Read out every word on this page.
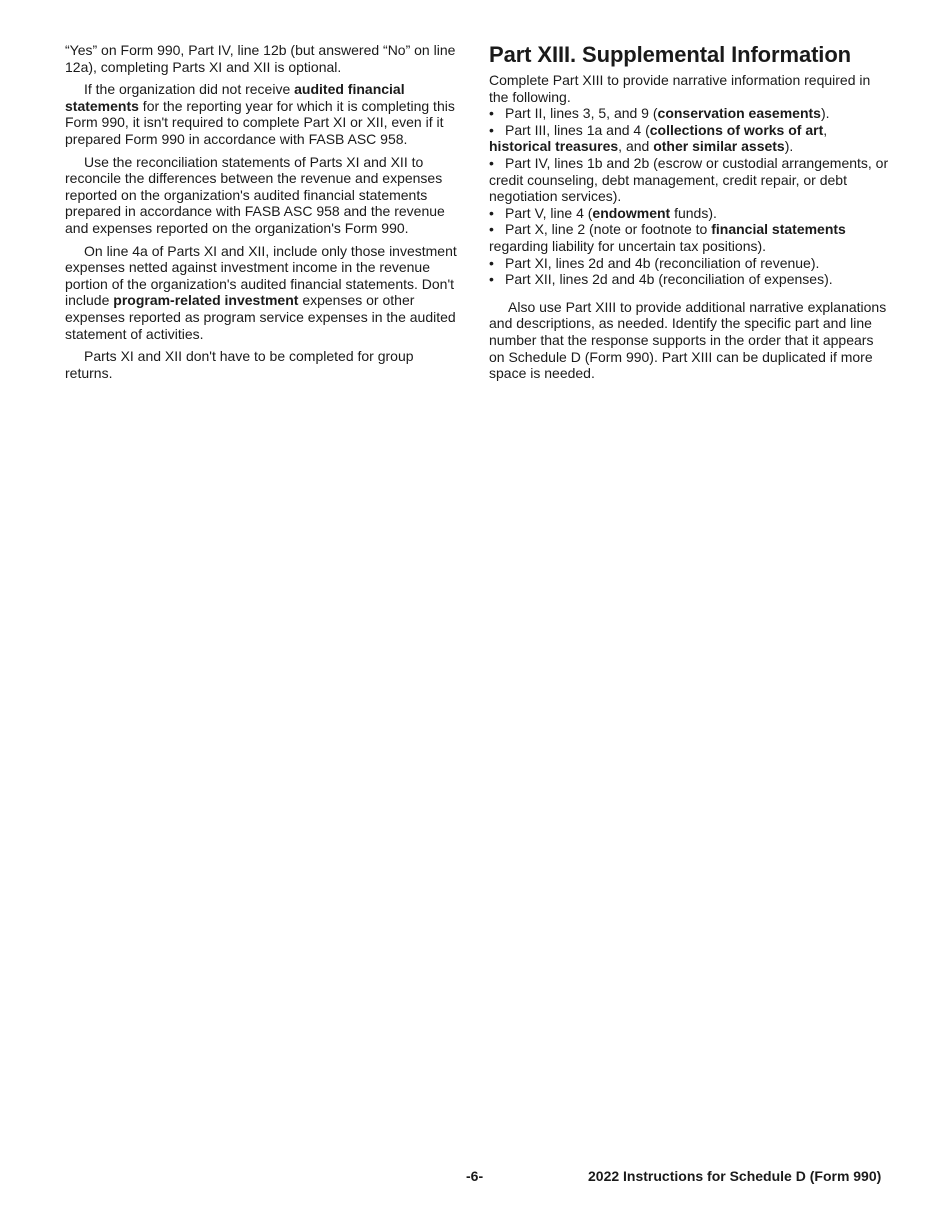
“Yes” on Form 990, Part IV, line 12b (but answered “No” on line 12a), completing Parts XI and XII is optional.

If the organization did not receive audited financial statements for the reporting year for which it is completing this Form 990, it isn't required to complete Part XI or XII, even if it prepared Form 990 in accordance with FASB ASC 958.

Use the reconciliation statements of Parts XI and XII to reconcile the differences between the revenue and expenses reported on the organization's audited financial statements prepared in accordance with FASB ASC 958 and the revenue and expenses reported on the organization's Form 990.

On line 4a of Parts XI and XII, include only those investment expenses netted against investment income in the revenue portion of the organization's audited financial statements. Don't include program-related investment expenses or other expenses reported as program service expenses in the audited statement of activities.

Parts XI and XII don't have to be completed for group returns.

Part XIII. Supplemental Information

Complete Part XIII to provide narrative information required in the following.

• Part II, lines 3, 5, and 9 (conservation easements).
• Part III, lines 1a and 4 (collections of works of art, historical treasures, and other similar assets).
• Part IV, lines 1b and 2b (escrow or custodial arrangements, or credit counseling, debt management, credit repair, or debt negotiation services).
• Part V, line 4 (endowment funds).
• Part X, line 2 (note or footnote to financial statements regarding liability for uncertain tax positions).
• Part XI, lines 2d and 4b (reconciliation of revenue).
• Part XII, lines 2d and 4b (reconciliation of expenses).

Also use Part XIII to provide additional narrative explanations and descriptions, as needed. Identify the specific part and line number that the response supports in the order that it appears on Schedule D (Form 990). Part XIII can be duplicated if more space is needed.

-6-	2022 Instructions for Schedule D (Form 990)
